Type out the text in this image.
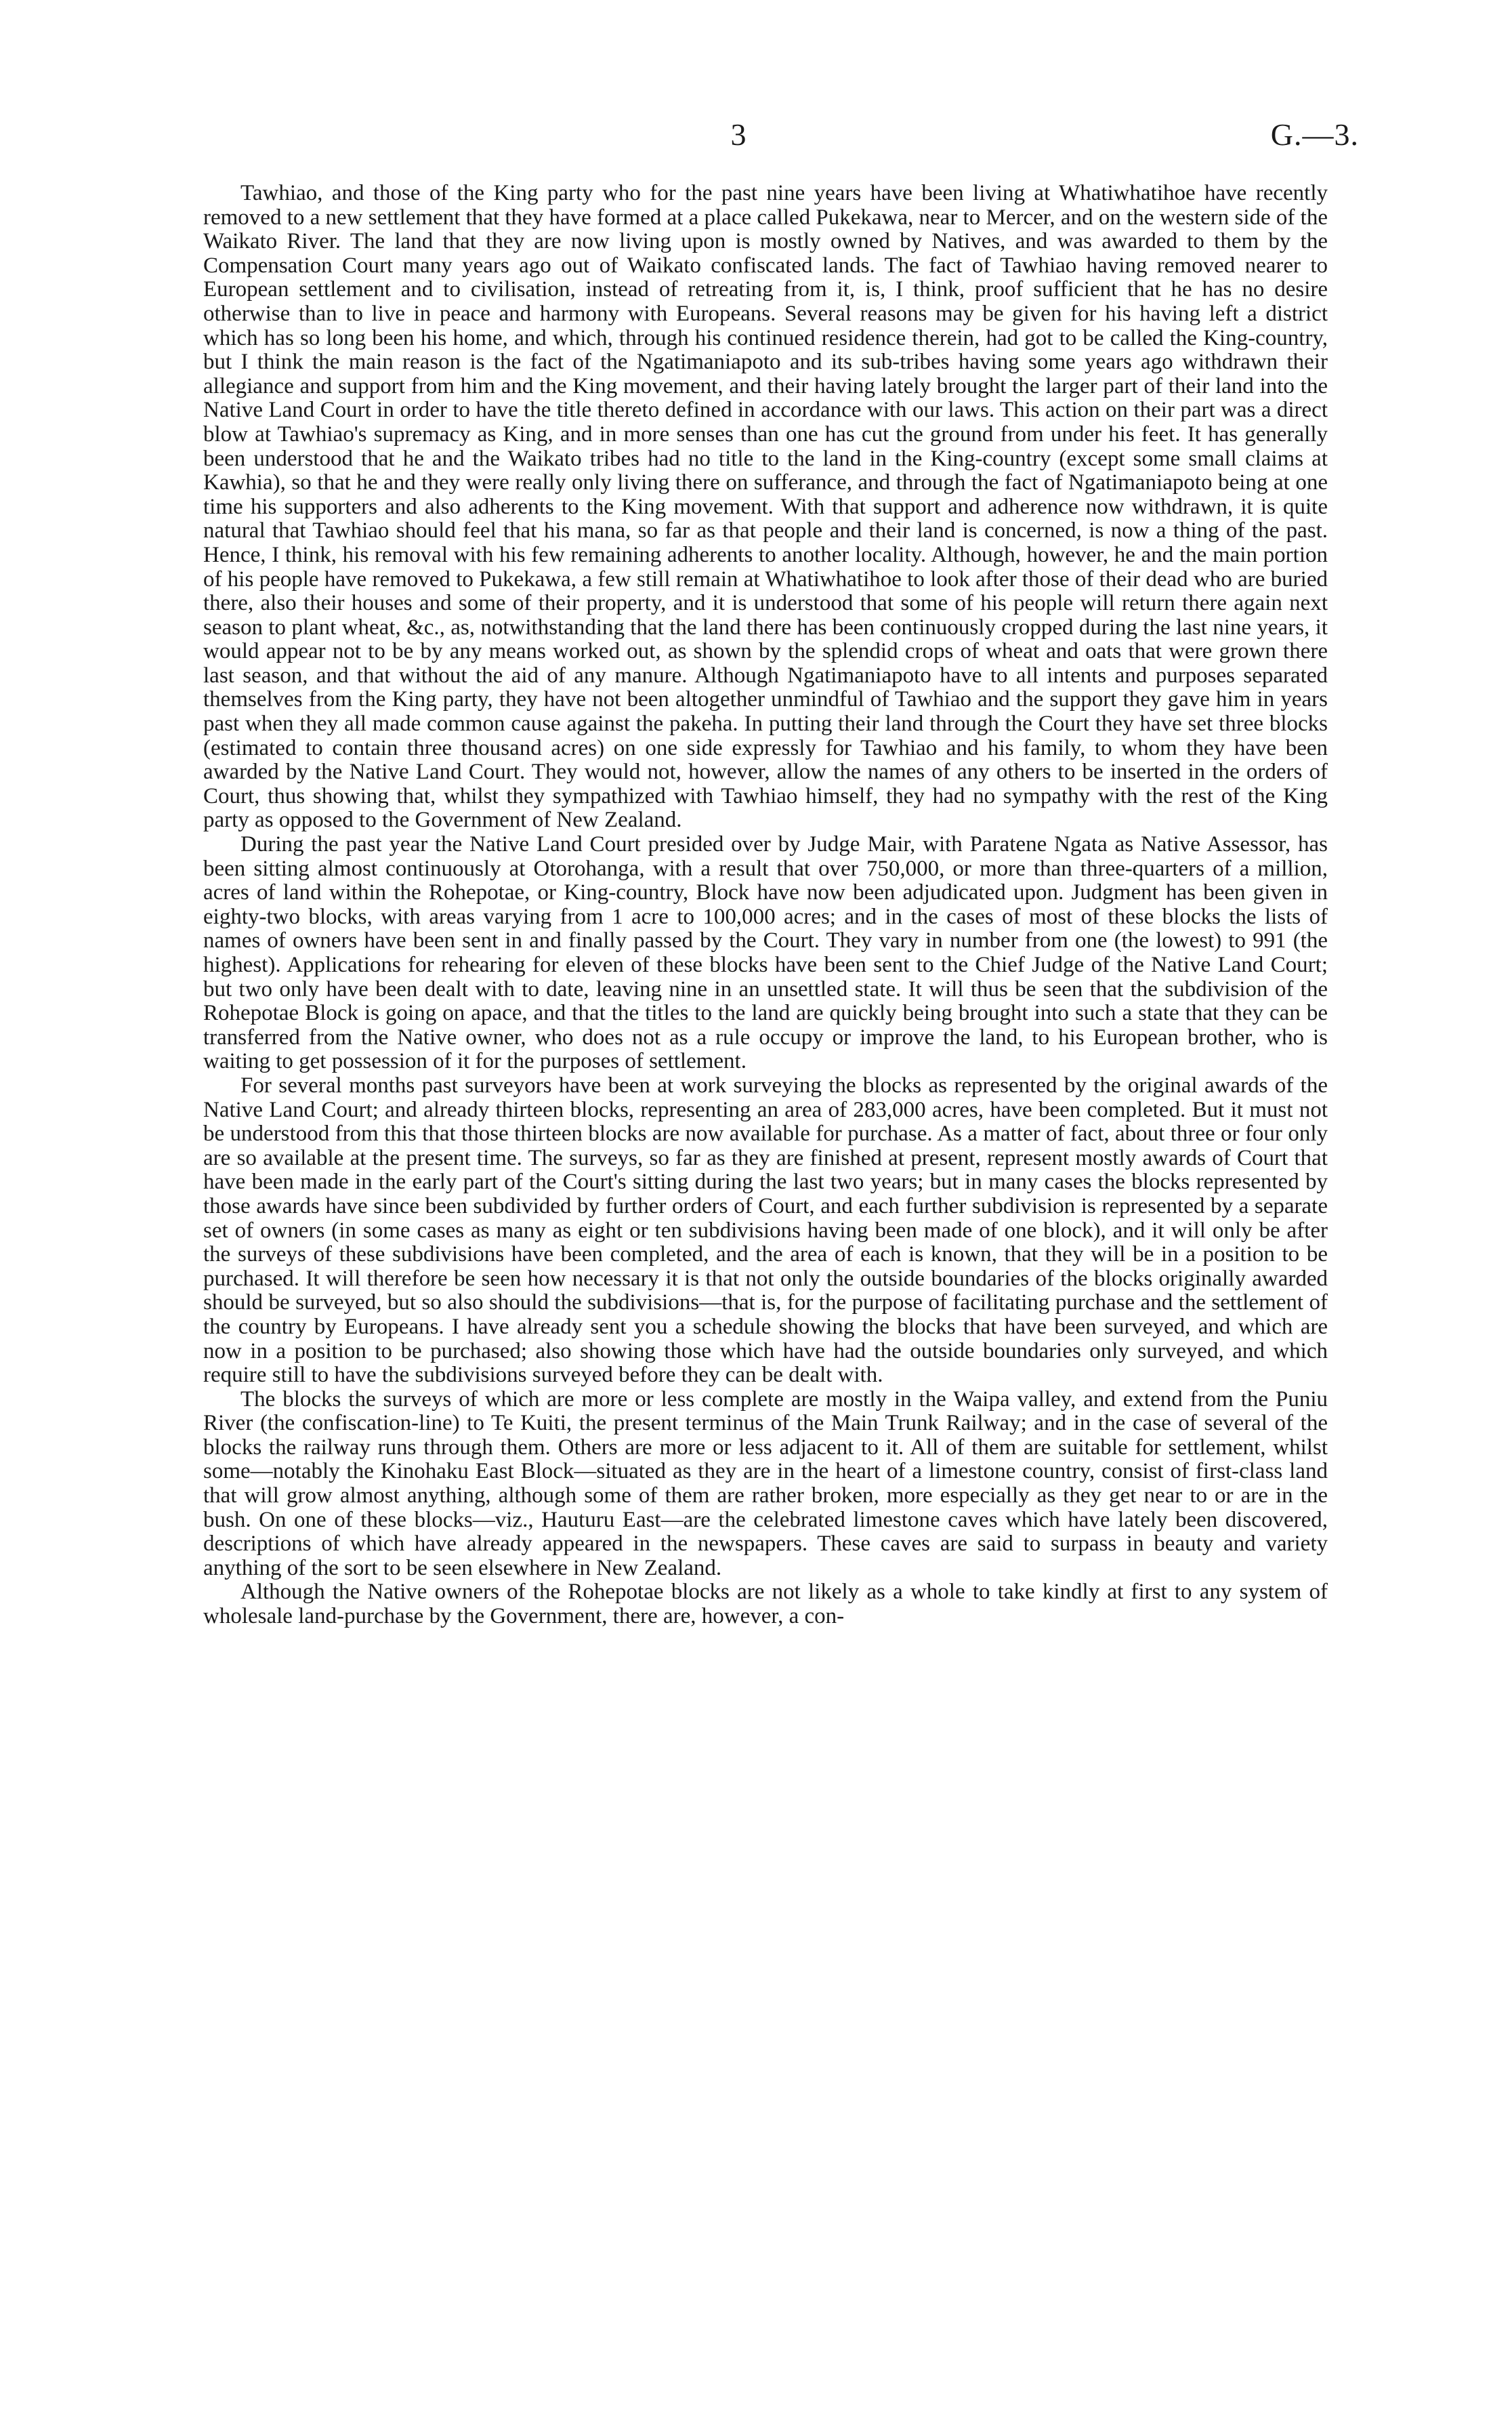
3	G.—3.

Tawhiao, and those of the King party who for the past nine years have been living at Whatiwhatihoe have recently removed to a new settlement that they have formed at a place called Pukekawa, near to Mercer, and on the western side of the Waikato River. The land that they are now living upon is mostly owned by Natives, and was awarded to them by the Compensation Court many years ago out of Waikato confiscated lands. The fact of Tawhiao having removed nearer to European settlement and to civilisation, instead of retreating from it, is, I think, proof sufficient that he has no desire otherwise than to live in peace and harmony with Europeans. Several reasons may be given for his having left a district which has so long been his home, and which, through his continued residence therein, had got to be called the King-country, but I think the main reason is the fact of the Ngatimaniapoto and its sub-tribes having some years ago withdrawn their allegiance and support from him and the King movement, and their having lately brought the larger part of their land into the Native Land Court in order to have the title thereto defined in accordance with our laws. This action on their part was a direct blow at Tawhiao's supremacy as King, and in more senses than one has cut the ground from under his feet. It has generally been understood that he and the Waikato tribes had no title to the land in the King-country (except some small claims at Kawhia), so that he and they were really only living there on sufferance, and through the fact of Ngatimaniapoto being at one time his supporters and also adherents to the King movement. With that support and adherence now withdrawn, it is quite natural that Tawhiao should feel that his mana, so far as that people and their land is concerned, is now a thing of the past. Hence, I think, his removal with his few remaining adherents to another locality. Although, however, he and the main portion of his people have removed to Pukekawa, a few still remain at Whatiwhatihoe to look after those of their dead who are buried there, also their houses and some of their property, and it is understood that some of his people will return there again next season to plant wheat, &c., as, notwithstanding that the land there has been continuously cropped during the last nine years, it would appear not to be by any means worked out, as shown by the splendid crops of wheat and oats that were grown there last season, and that without the aid of any manure. Although Ngatimaniapoto have to all intents and purposes separated themselves from the King party, they have not been altogether unmindful of Tawhiao and the support they gave him in years past when they all made common cause against the pakeha. In putting their land through the Court they have set three blocks (estimated to contain three thousand acres) on one side expressly for Tawhiao and his family, to whom they have been awarded by the Native Land Court. They would not, however, allow the names of any others to be inserted in the orders of Court, thus showing that, whilst they sympathized with Tawhiao himself, they had no sympathy with the rest of the King party as opposed to the Government of New Zealand.

During the past year the Native Land Court presided over by Judge Mair, with Paratene Ngata as Native Assessor, has been sitting almost continuously at Otorohanga, with a result that over 750,000, or more than three-quarters of a million, acres of land within the Rohepotae, or King-country, Block have now been adjudicated upon. Judgment has been given in eighty-two blocks, with areas varying from 1 acre to 100,000 acres; and in the cases of most of these blocks the lists of names of owners have been sent in and finally passed by the Court. They vary in number from one (the lowest) to 991 (the highest). Applications for rehearing for eleven of these blocks have been sent to the Chief Judge of the Native Land Court; but two only have been dealt with to date, leaving nine in an unsettled state. It will thus be seen that the subdivision of the Rohepotae Block is going on apace, and that the titles to the land are quickly being brought into such a state that they can be transferred from the Native owner, who does not as a rule occupy or improve the land, to his European brother, who is waiting to get possession of it for the purposes of settlement.

For several months past surveyors have been at work surveying the blocks as represented by the original awards of the Native Land Court; and already thirteen blocks, representing an area of 283,000 acres, have been completed. But it must not be understood from this that those thirteen blocks are now available for purchase. As a matter of fact, about three or four only are so available at the present time. The surveys, so far as they are finished at present, represent mostly awards of Court that have been made in the early part of the Court's sitting during the last two years; but in many cases the blocks represented by those awards have since been subdivided by further orders of Court, and each further subdivision is represented by a separate set of owners (in some cases as many as eight or ten subdivisions having been made of one block), and it will only be after the surveys of these subdivisions have been completed, and the area of each is known, that they will be in a position to be purchased. It will therefore be seen how necessary it is that not only the outside boundaries of the blocks originally awarded should be surveyed, but so also should the subdivisions—that is, for the purpose of facilitating purchase and the settlement of the country by Europeans. I have already sent you a schedule showing the blocks that have been surveyed, and which are now in a position to be purchased; also showing those which have had the outside boundaries only surveyed, and which require still to have the subdivisions surveyed before they can be dealt with.

The blocks the surveys of which are more or less complete are mostly in the Waipa valley, and extend from the Puniu River (the confiscation-line) to Te Kuiti, the present terminus of the Main Trunk Railway; and in the case of several of the blocks the railway runs through them. Others are more or less adjacent to it. All of them are suitable for settlement, whilst some—notably the Kinohaku East Block—situated as they are in the heart of a limestone country, consist of first-class land that will grow almost anything, although some of them are rather broken, more especially as they get near to or are in the bush. On one of these blocks—viz., Hauturu East—are the celebrated limestone caves which have lately been discovered, descriptions of which have already appeared in the newspapers. These caves are said to surpass in beauty and variety anything of the sort to be seen elsewhere in New Zealand.

Although the Native owners of the Rohepotae blocks are not likely as a whole to take kindly at first to any system of wholesale land-purchase by the Government, there are, however, a con-
